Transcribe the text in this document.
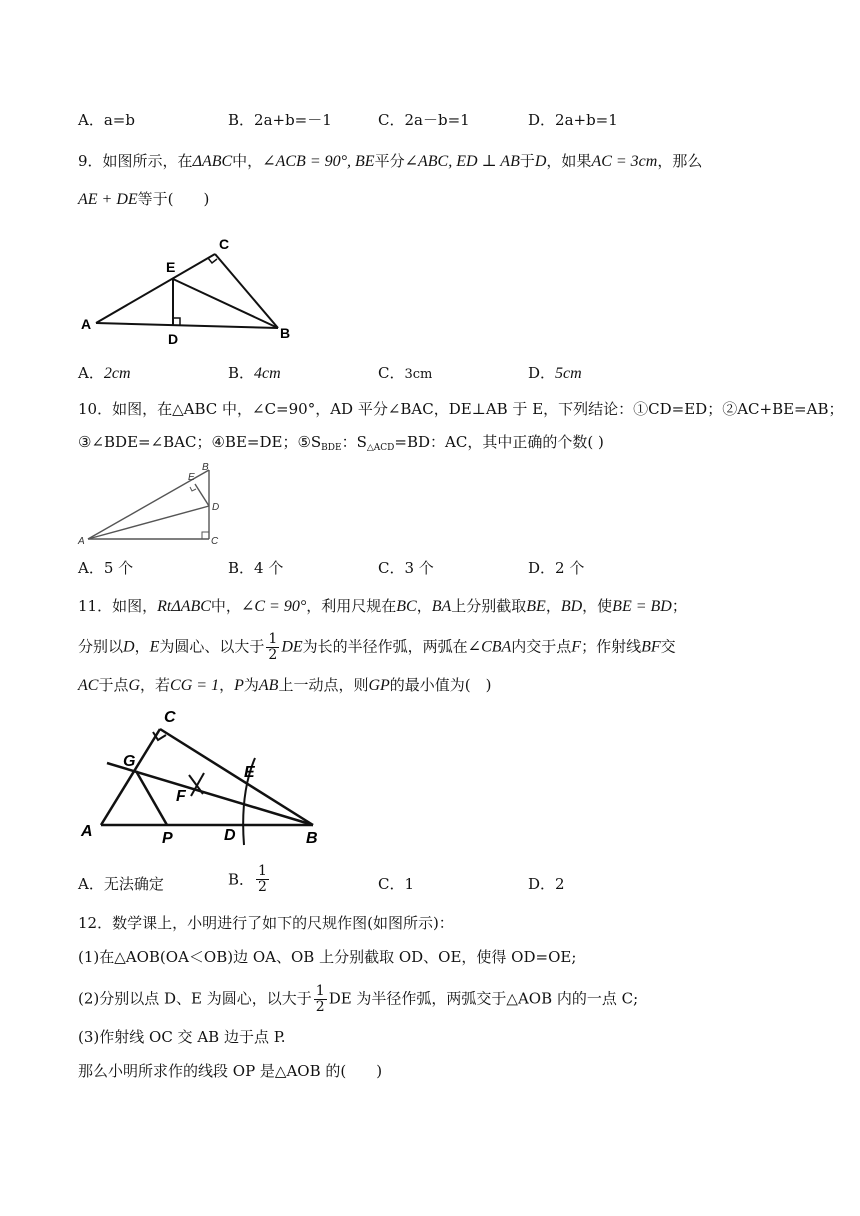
A．a=b	B．2a+b=－1	C．2a－b=1	D．2a+b=1
9．如图所示，在ΔABC中，∠ACB = 90°, BE平分∠ABC, ED ⊥ AB于D，如果AC = 3cm，那么
AE + DE等于(　　)
C
E
A
D	B
A．2cm	B．4cm	C．3cm	D．5cm
10．如图，在△ABC 中，∠C=90°，AD 平分∠BAC，DE⊥AB 于 E，下列结论：①CD=ED；②AC+BE=AB；
③∠BDE=∠BAC；④BE=DE；$⑤S_{BDE}$：$S_{\triangle ACD}=BD$：AC，其中正确的个数( )
E
B
D
A	C
A．5 个	B．4 个	C．3 个	D．2 个
11．如图，RtΔABC中，∠C = 90°，利用尺规在BC，BA上分别截取BE，BD，使BE = BD；
分别以D，E为圆心、以大于 $\frac{1}{2}$ DE为长的半径作弧，两弧在∠CBA内交于点F；作射线BF交
AC于点G，若CG = 1，P为AB上一动点，则GP的最小值为(　)
C
G
E
F
A	P	D	B
A．无法确定	B． $\frac{1}{2}$	C．1	D．2
12．数学课上，小明进行了如下的尺规作图(如图所示)：
(1)在△AOB(OA＜OB)边 OA、OB 上分别截取 OD、OE，使得 OD=OE;
(2)分别以点 D、E 为圆心，以大于 $\frac{1}{2}$ DE 为半径作弧，两弧交于△AOB 内的一点 C;
(3)作射线 OC 交 AB 边于点 P.
那么小明所求作的线段 OP 是△AOB 的(　　)
